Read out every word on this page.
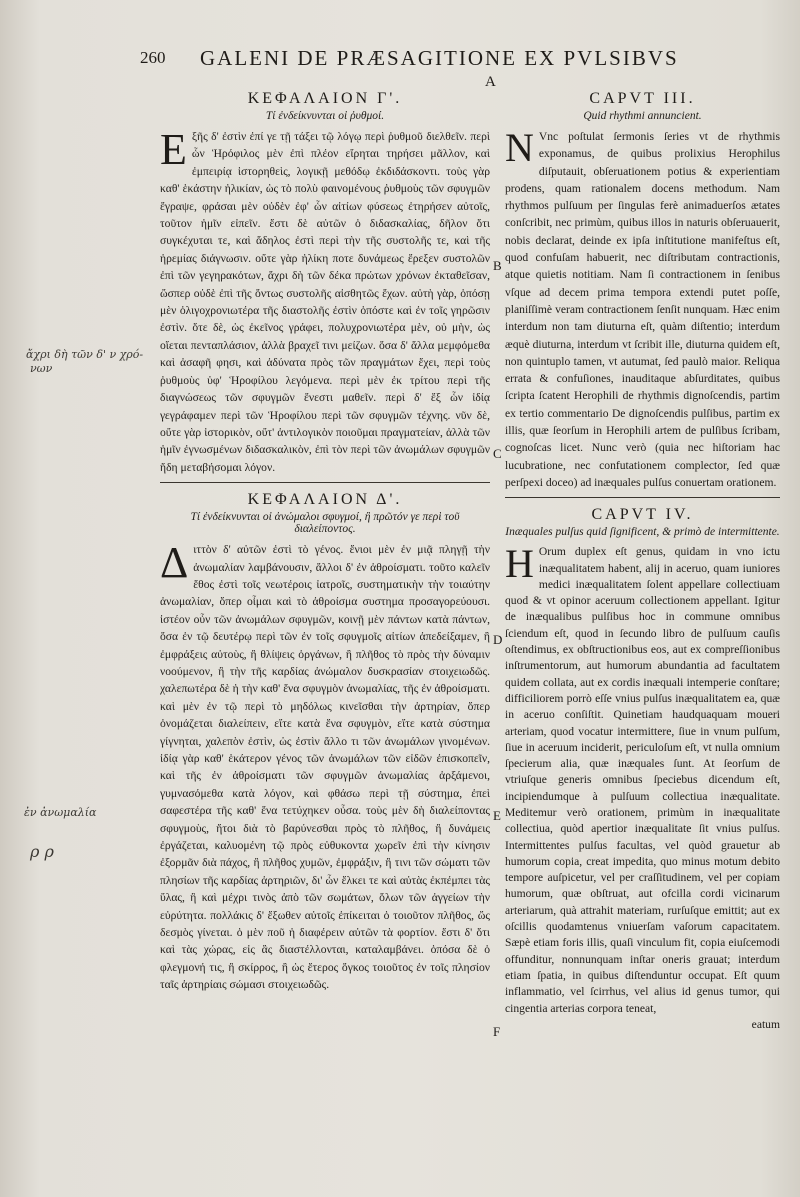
260 GALENI DE PRÆSAGITIONE EX PVLSIBVS
A

ΚΕΦΑΛΑΙΟΝ Γ'.

Τί ἐνδείκνυνται οἱ ῥυθμοί.

Εξῆς δ' ἐστὶν ἐπί γε τῇ τάξει τῷ λόγῳ περὶ ῥυθμοῦ διελθεῖν. περὶ ὧν Ἡρόφιλος μὲν ἐπὶ πλέον εἴρηται τηρήσει μᾶλλον, καὶ ἐμπειρίᾳ ἱστορηθεὶς, λογικῇ μεθόδῳ ἐκδιδάσκοντι. τοὺς γὰρ καθ' ἑκάστην ἡλικίαν, ὡς τὸ πολὺ φαινομένους ῥυθμοὺς τῶν σφυγμῶν ἔγραψε, φράσαι μὲν οὐδὲν ἐφ' ὧν αἰτίων φύσεως ἐτηρήσεν αὐτοῖς, τοῦτον ἡμῖν εἰπεῖν. ἔστι δὲ αὐτῶν ὁ διδασκαλίας, δῆλον ὅτι συγκέχυται τε, καὶ ἄδηλος ἐστὶ περὶ τὴν τῆς συστολῆς τε, καὶ τῆς ἠρεμίας διάγνωσιν. οὔτε γὰρ ἡλίκη ποτε δυνάμεως ἔρεξεν συστολῶν ἐπὶ τῶν γεγηρακότων, ἄχρι δὴ τῶν δέκα πρώτων χρόνων ἐκταθεῖσαν, ὥσπερ οὐδὲ ἐπὶ τῆς ὄντως συστολῆς αἰσθητῶς ἔχων. αὐτὴ γὰρ, ὁπόσῃ μὲν ὀλιγοχρονιωτέρα τῆς διαστολῆς ἐστὶν ὁπόστε καὶ ἐν τοῖς γηρῶσιν ἐστὶν. ὅτε δὲ, ὡς ἐκεῖνος γράφει, πολυχρονιωτέρα μὲν, οὐ μὴν, ὡς οἴεται πενταπλάσιον, ἀλλὰ βραχεῖ τινι μείζων. ὅσα δ' ἄλλα μεμφόμεθα καὶ ἀσαφῆ φησι, καὶ ἀδύνατα πρὸς τῶν πραγμάτων ἔχει, περὶ τοὺς ῥυθμοὺς ὑφ' Ἡροφίλου λεγόμενα. περὶ μὲν ἐκ τρίτου περὶ τῆς διαγνώσεως τῶν σφυγμῶν ἔνεστι μαθεῖν. περὶ δ' ἔξ ὧν ἰδίᾳ γεγράφαμεν περὶ τῶν Ἡροφίλου περὶ τῶν σφυγμῶν τέχνης. νῦν δὲ, οὔτε γὰρ ἱστορικὸν, οὔτ' ἀντιλογικὸν ποιοῦμαι πραγματείαν, ἀλλὰ τῶν ἡμῖν ἐγνωσμένων διδασκαλικὸν, ἐπὶ τὸν περὶ τῶν ἀνωμάλων σφυγμῶν ἤδη μεταβήσομαι λόγον.

ΚΕΦΑΛΑΙΟΝ Δ'.

Τί ἐνδείκνυνται οἱ ἀνώμαλοι σφυγμοί, ἢ πρῶτόν γε περὶ τοῦ διαλείποντος.

Διττὸν δ' αὐτῶν ἐστὶ τὸ γένος. ἔνιοι μὲν ἐν μιᾷ πληγῇ τὴν ἀνωμαλίαν λαμβάνουσιν, ἄλλοι δ' ἐν ἀθροίσματι. τοῦτο καλεῖν ἔθος ἐστὶ τοῖς νεωτέροις ἰατροῖς, συστηματικὴν τὴν τοιαύτην ἀνωμαλίαν, ὅπερ οἶμαι καὶ τὸ ἀθροίσμα συστημα προσαγορεύουσι. ἰστέον οὖν τῶν ἀνωμάλων σφυγμῶν, κοινῇ μὲν πάντων κατὰ πάντων, ὅσα ἐν τῷ δευτέρῳ περὶ τῶν ἐν τοῖς σφυγμοῖς αἰτίων ἀπεδείξαμεν, ἢ ἐμφράξεις αὐτοὺς, ἢ θλίψεις ὀργάνων, ἢ πλῆθος τὸ πρὸς τὴν δύναμιν νοούμενον, ἢ τὴν τῆς καρδίας ἀνώμαλον δυσκρασίαν στοιχειωδῶς. χαλεπωτέρα δὲ ἡ τὴν καθ' ἕνα σφυγμὸν ἀνωμαλίας, τῆς ἐν ἀθροίσματι. καὶ μὲν ἐν τῷ περὶ τὸ μηδόλως κινεῖσθαι τὴν ἀρτηρίαν, ὅπερ ὀνομάζεται διαλείπειν, εἴτε κατὰ ἕνα σφυγμὸν, εἴτε κατὰ σύστημα γίγνηται, χαλεπὸν ἐστὶν, ὡς ἐστὶν ἄλλο τι τῶν ἀνωμάλων γινομένων. ἰδίᾳ γὰρ καθ' ἑκάτερον γένος τῶν ἀνωμάλων τῶν εἰδῶν ἐπισκοπεῖν, καὶ τῆς ἐν ἀθροίσματι τῶν σφυγμῶν ἀνωμαλίας ἀρξάμενοι, γυμνασόμεθα κατὰ λόγον, καὶ φθάσω περὶ τῇ σύστημα, ἐπεὶ σαφεστέρα τῆς καθ' ἕνα τετύχηκεν οὖσα. τοὺς μὲν δὴ διαλείποντας σφυγμοὺς, ἤτοι διὰ τὸ βαρύνεσθαι πρὸς τὸ πλῆθος, ἢ δυνάμεις ἐργάζεται, καλυομένη τῷ πρὸς εὐθυκοντα χωρεῖν ἐπὶ τὴν κίνησιν ἐξορμᾶν διὰ πάχος, ἢ πλῆθος χυμῶν, ἐμφράξιν, ἢ τινι τῶν σώματι τῶν πλησίων τῆς καρδίας ἀρτηριῶν, δι' ὧν ἕλκει τε καὶ αὐτὰς ἐκπέμπει τὰς ὕλας, ἢ καὶ μέχρι τινὸς ἀπὸ τῶν σωμάτων, ὅλων τῶν ἀγγείων τὴν εὐρύτητα. πολλάκις δ' ἔξωθεν αὐτοῖς ἐπίκειται ὁ τοιοῦτον πλῆθος, ὥς δεσμὸς γίνεται. ὁ μὲν ποῦ ἡ διαφέρειν αὐτῶν τὰ φορτίον. ἔστι δ' ὅτι καὶ τὰς χώρας, εἰς ἃς διαστέλλονται, καταλαμβάνει. ὁπόσα δὲ ὁ φλεγμονή τις, ἢ σκίρρος, ἢ ὡς ἕτερος ὄγκος τοιοῦτος ἐν τοῖς πλησίον ταῖς ἀρτηρίαις σώμασι στοιχειωδῶς.

B
C
D
E
F

CAPVT III.

Quid rhythmi annuncient.

N Vnc poſtulat ſermonis ſeries vt de rhythmis exponamus, de quibus prolixius Herophilus diſputauit, obſeruationem potius & experientiam prodens, quam rationalem docens methodum. Nam rhythmos pulſuum per ſingulas ferè animaduerſos ætates conſcribit, nec primùm, quibus illos in naturis obſeruauerit, nobis declarat, deinde ex ipſa inſtitutione manifeſtus eſt, quod confuſam habuerit, nec diſtributam contractionis, atque quietis notitiam. Nam ſi contractionem in ſenibus vſque ad decem prima tempora extendi putet poſſe, planiſſimè veram contractionem ſenſit nunquam. Hæc enim interdum non tam diuturna eſt, quàm diſtentio; interdum æquè diuturna, interdum vt ſcribit ille, diuturna quidem eſt, non quintuplo tamen, vt autumat, ſed paulò maior. Reliqua errata & confuſiones, inauditaque abſurditates, quibus ſcripta ſcatent Herophili de rhythmis dignoſcendis, partim ex tertio commentario De dignoſcendis pulſibus, partim ex illis, quæ ſeorſum in Herophili artem de pulſibus ſcribam, cognoſcas licet. Nunc verò (quia nec hiſtoriam hac lucubratione, nec confutationem complector, ſed quæ perſpexi doceo) ad inæquales pulſus conuertam orationem.

CAPVT IV.

Inæquales pulſus quid ſignificent, & primò de intermittente.

H Orum duplex eſt genus, quidam in vno ictu inæqualitatem habent, alij in aceruo, quam iuniores medici inæqualitatem ſolent appellare collectiuam quod & vt opinor aceruum collectionem appellant. Igitur de inæqualibus pulſibus hoc in commune omnibus ſciendum eſt, quod in ſecundo libro de pulſuum cauſis oſtendimus, ex obſtructionibus eos, aut ex compreſſionibus inſtrumentorum, aut humorum abundantia ad facultatem quidem collata, aut ex cordis inæquali intemperie conſtare; difficiliorem porrò eſſe vnius pulſus inæqualitatem ea, quæ in aceruo conſiſtit. Quinetiam haudquaquam moueri arteriam, quod vocatur intermittere, ſiue in vnum pulſum, ſiue in aceruum inciderit, periculoſum eſt, vt nulla omnium ſpecierum alia, quæ inæquales ſunt. At ſeorſum de vtriuſque generis omnibus ſpeciebus dicendum eſt, incipiendumque à pulſuum collectiua inæqualitate. Meditemur verò orationem, primùm in inæqualitate collectiua, quòd apertior inæqualitate ſit vnius pulſus. Intermittentes pulſus facultas, vel quòd grauetur ab humorum copia, creat impedita, quo minus motum debito tempore auſpicetur, vel per craſſitudinem, vel per copiam humorum, quæ obſtruat, aut ofcilla cordi vicinarum arteriarum, quà attrahit materiam, rurſuſque emittit; aut ex oſcillis quodamtenus vniuerſam vaſorum capacitatem. Sæpè etiam foris illis, quaſi vinculum fit, copia eiuſcemodi offunditur, nonnunquam inſtar oneris grauat; interdum etiam ſpatia, in quibus diſtenduntur occupat. Eſt quum inflammatio, vel ſcirrhus, vel alius id genus tumor, qui cingentia arterias corpora teneat,

eatum

ἄχρι δὴ τῶν δ' ν χρό-
νων
ἐν ἀνωμαλία
ρ ρ
